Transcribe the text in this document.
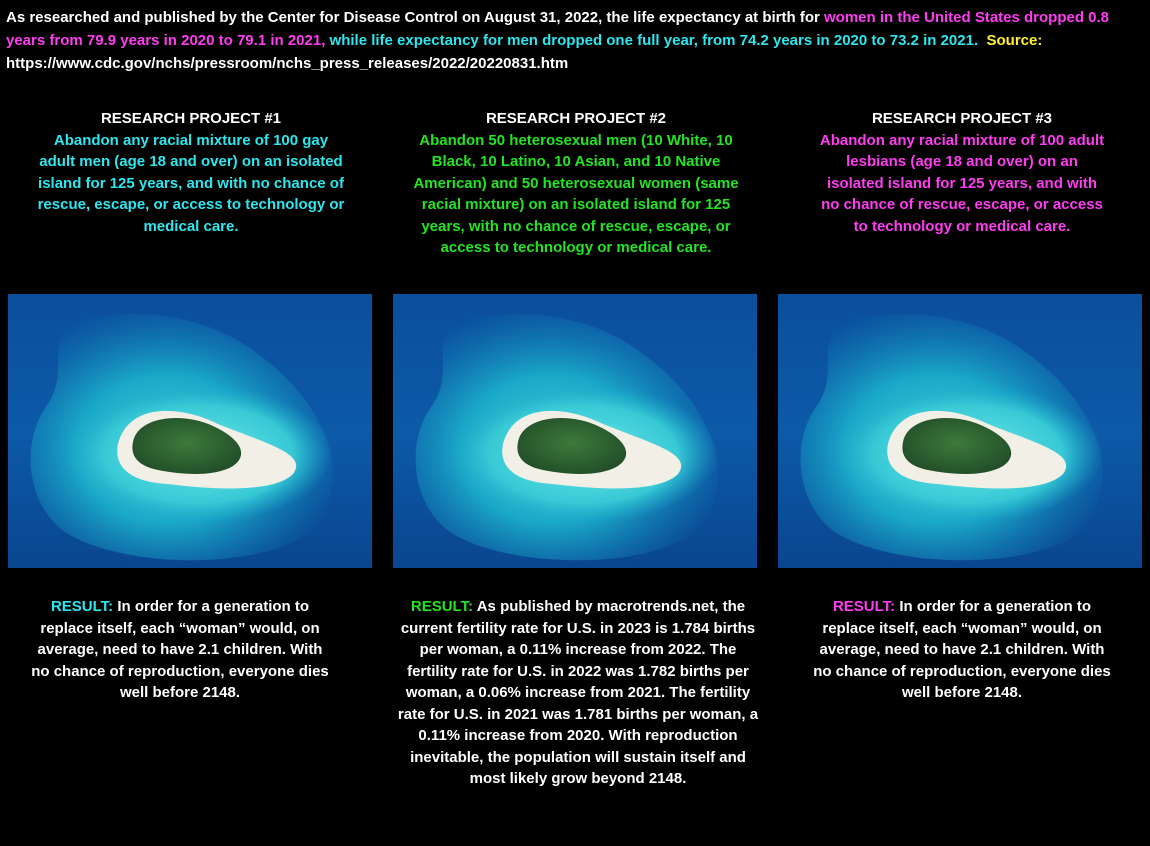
As researched and published by the Center for Disease Control on August 31, 2022, the life expectancy at birth for women in the United States dropped 0.8 years from 79.9 years in 2020 to 79.1 in 2021, while life expectancy for men dropped one full year, from 74.2 years in 2020 to 73.2 in 2021. Source: https://www.cdc.gov/nchs/pressroom/nchs_press_releases/2022/20220831.htm

RESEARCH PROJECT #1
Abandon any racial mixture of 100 gay adult men (age 18 and over) on an isolated island for 125 years, and with no chance of rescue, escape, or access to technology or medical care.
RESEARCH PROJECT #2
Abandon 50 heterosexual men (10 White, 10 Black, 10 Latino, 10 Asian, and 10 Native American) and 50 heterosexual women (same racial mixture) on an isolated island for 125 years, with no chance of rescue, escape, or access to technology or medical care.
RESEARCH PROJECT #3
Abandon any racial mixture of 100 adult lesbians (age 18 and over) on an isolated island for 125 years, and with no chance of rescue, escape, or access to technology or medical care.
RESULT: In order for a generation to replace itself, each “woman” would, on average, need to have 2.1 children. With no chance of reproduction, everyone dies well before 2148.
RESULT: As published by macrotrends.net, the current fertility rate for U.S. in 2023 is 1.784 births per woman, a 0.11% increase from 2022. The fertility rate for U.S. in 2022 was 1.782 births per woman, a 0.06% increase from 2021. The fertility rate for U.S. in 2021 was 1.781 births per woman, a 0.11% increase from 2020. With reproduction inevitable, the population will sustain itself and most likely grow beyond 2148.
RESULT: In order for a generation to replace itself, each “woman” would, on average, need to have 2.1 children. With no chance of reproduction, everyone dies well before 2148.
